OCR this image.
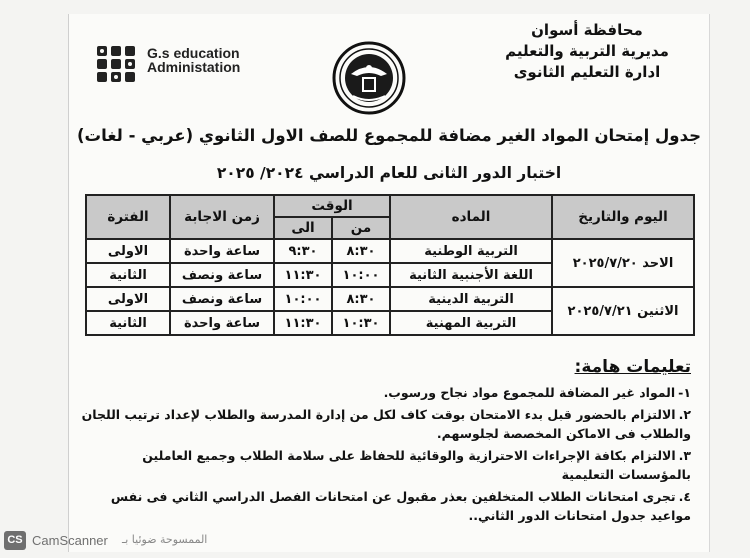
محافظة أسوان
مديرية التربية والتعليم
ادارة التعليم الثانوى
G.s education
Administation
جدول إمتحان المواد الغير مضافة للمجموع للصف الاول الثانوي (عربي - لغات)
اختبار الدور الثانى للعام الدراسي ٢٠٢٤/ ٢٠٢٥
اليوم والتاريخ	الماده	الوقت		زمن الاجابة	الفترة
		من	الى		
الاحد ٢٠٢٥/٧/٢٠	التربية الوطنية	٨:٣٠	٩:٣٠	ساعة واحدة	الاولى
	اللغة الأجنبية الثانية	١٠:٠٠	١١:٣٠	ساعة ونصف	الثانية
الاثنين ٢٠٢٥/٧/٢١	التربية الدينية	٨:٣٠	١٠:٠٠	ساعة ونصف	الاولى
	التربية المهنية	١٠:٣٠	١١:٣٠	ساعة واحدة	الثانية
تعليمات هامة:
١-المواد غير المضافة للمجموع مواد نجاح ورسوب.
٢.الالتزام بالحضور قبل بدء الامتحان بوقت كاف لكل من إدارة المدرسة والطلاب لإعداد ترتيب اللجان والطلاب فى الاماكن المخصصة لجلوسهم.
٣.الالتزام بكافة الإجراءات الاحترازية والوقائية للحفاظ على سلامة الطلاب وجميع العاملين بالمؤسسات التعليمية
٤.تجرى امتحانات الطلاب المتخلفين بعذر مقبول عن امتحانات الفصل الدراسي الثاني فى نفس مواعيد جدول امتحانات الدور الثاني..
CS CamScanner الممسوحة ضوئيا بـ
